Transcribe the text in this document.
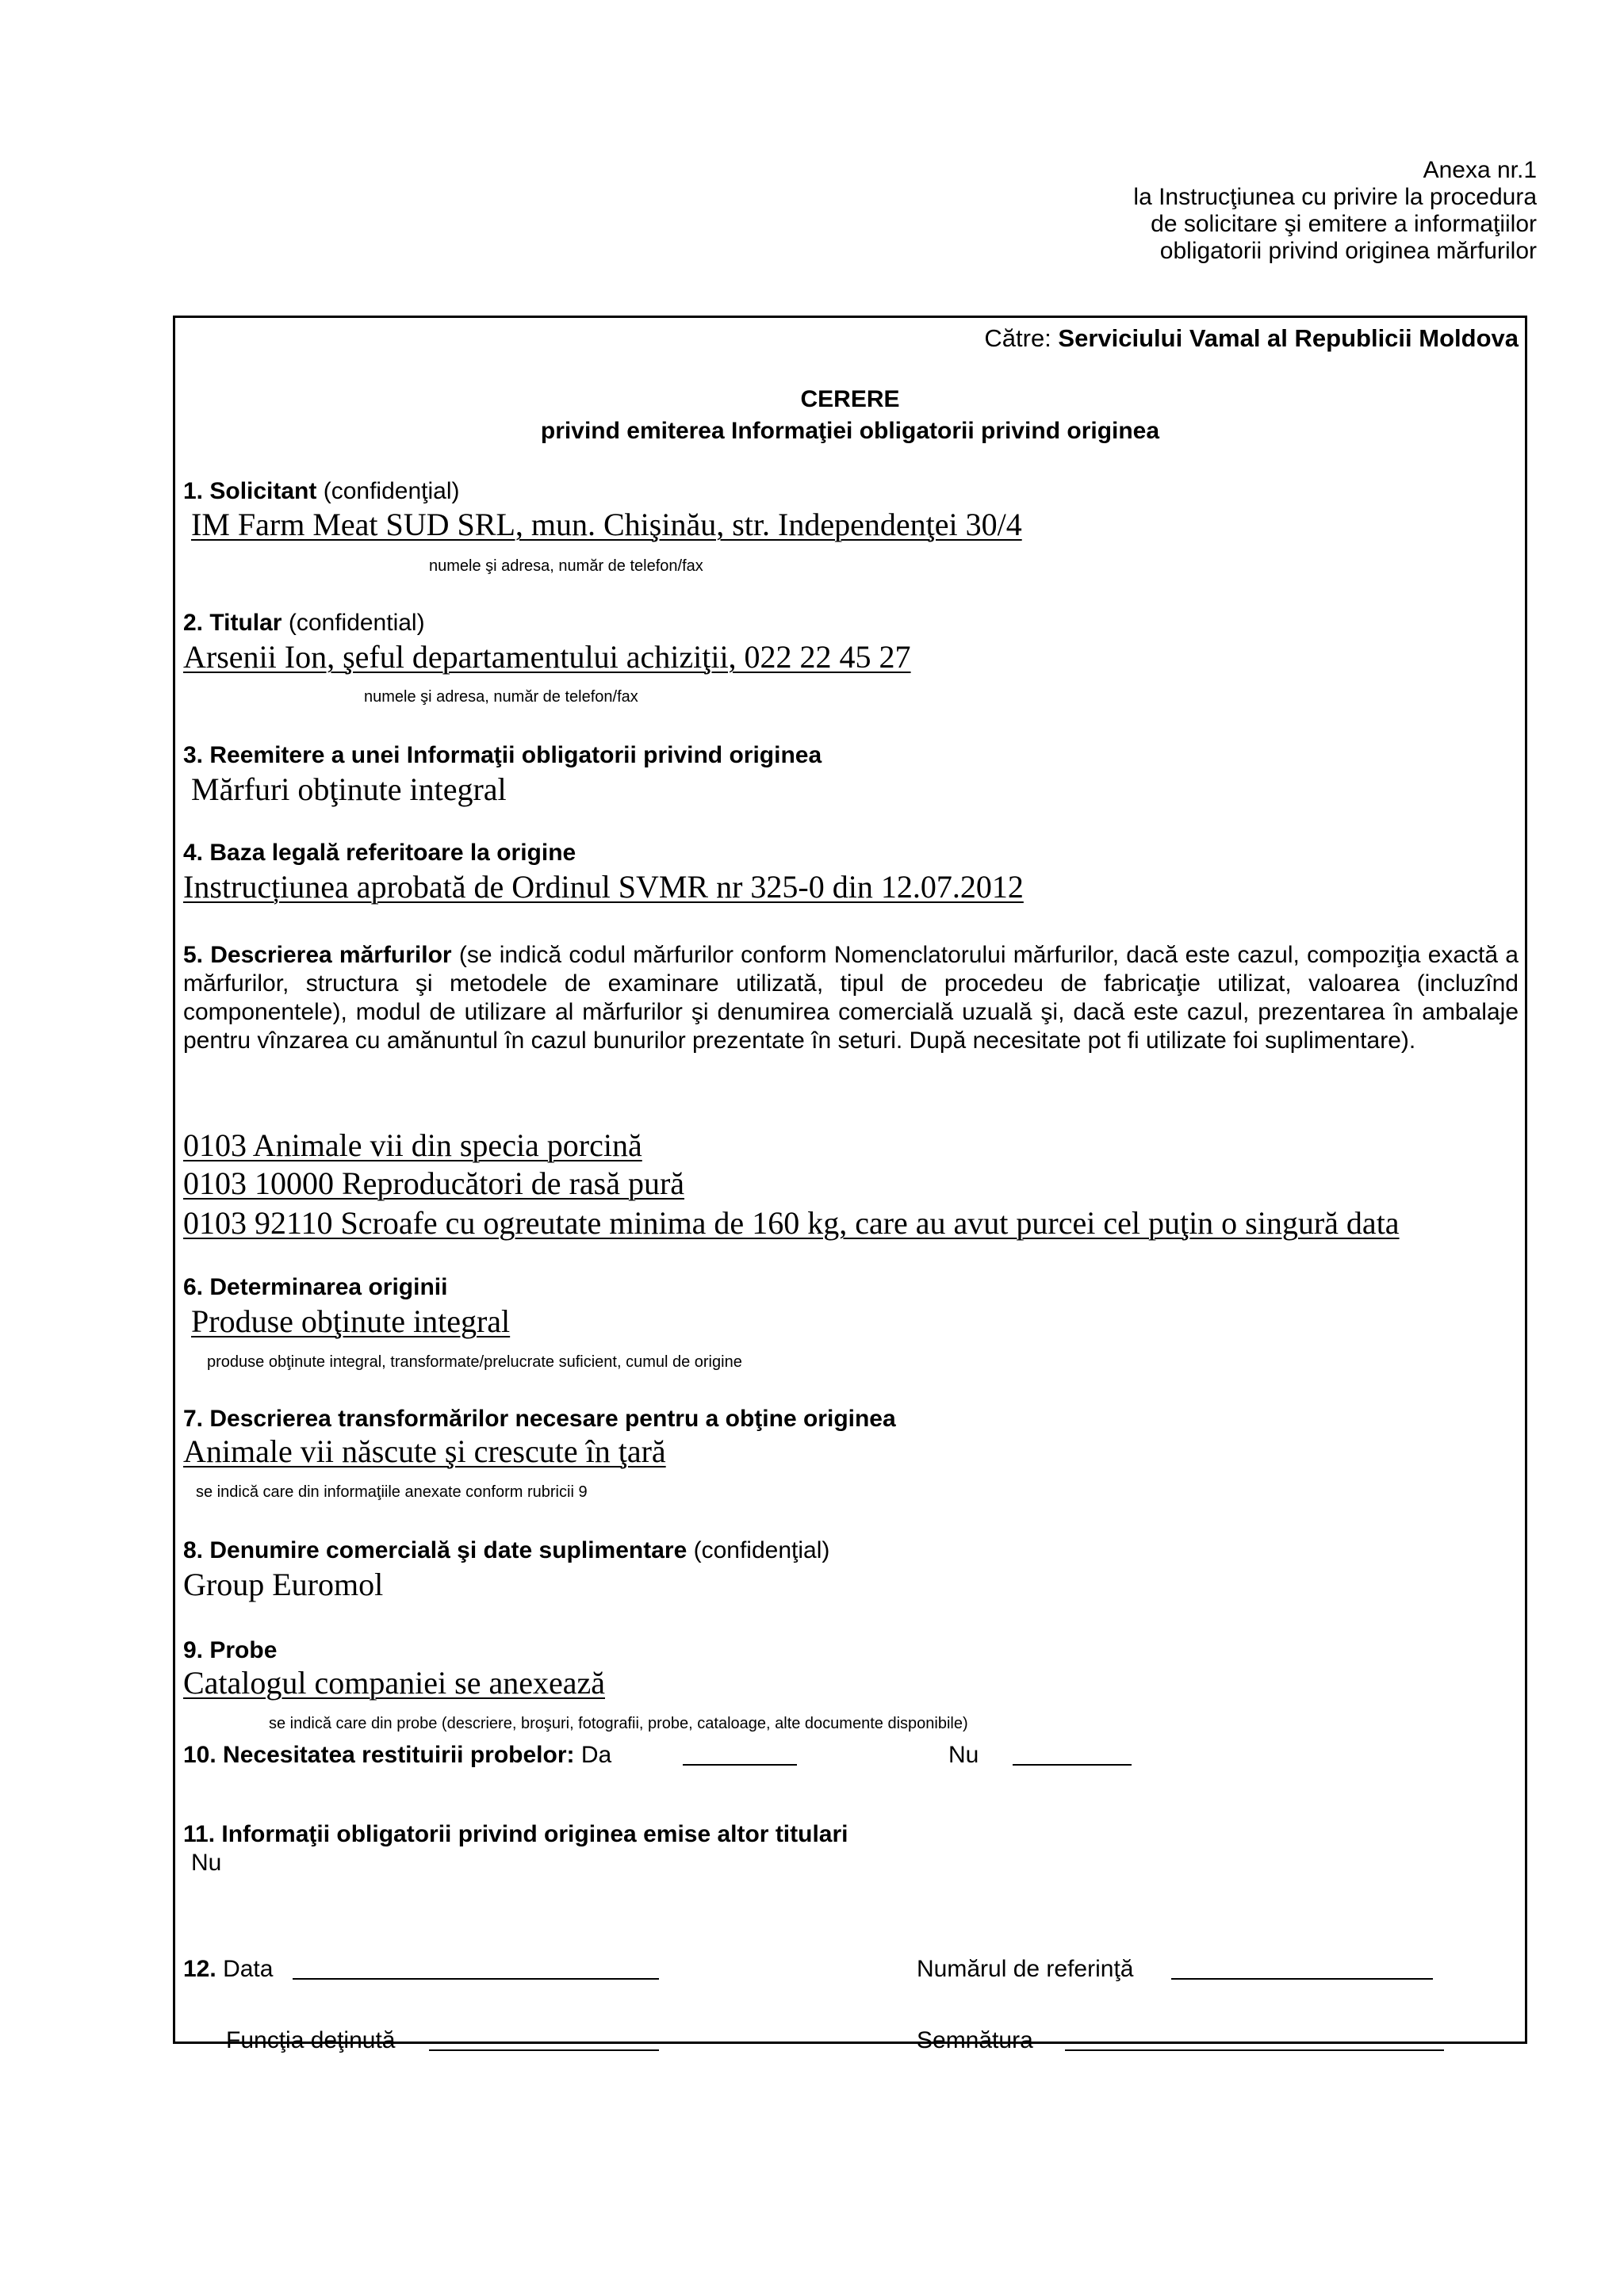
Anexa nr.1
la Instrucţiunea cu privire la procedura
de solicitare şi emitere a informaţiilor
obligatorii privind originea mărfurilor
Către: Serviciului Vamal al Republicii Moldova
CERERE
privind emiterea Informaţiei obligatorii privind originea
1. Solicitant (confidenţial)
IM Farm Meat SUD SRL, mun. Chişinău, str. Independenţei 30/4
numele şi adresa, număr de telefon/fax
2. Titular (confidential)
Arsenii Ion, şeful departamentului achiziţii, 022 22 45 27
numele şi adresa, număr de telefon/fax
3. Reemitere a unei Informaţii obligatorii privind originea
Mărfuri obţinute integral
4. Baza legală referitoare la origine
Instrucțiunea aprobată de Ordinul SVMR nr 325-0 din 12.07.2012
5. Descrierea mărfurilor (se indică codul mărfurilor conform Nomenclatorului mărfurilor, dacă este cazul, compoziţia exactă a mărfurilor, structura şi metodele de examinare utilizată, tipul de procedeu de fabricaţie utilizat, valoarea (incluzînd componentele), modul de utilizare al mărfurilor şi denumirea comercială uzuală şi, dacă este cazul, prezentarea în ambalaje pentru vînzarea cu amănuntul în cazul bunurilor prezentate în seturi. După necesitate pot fi utilizate foi suplimentare).
0103 Animale vii din specia porcină
0103 10000 Reproducători de rasă pură
0103 92110 Scroafe cu ogreutate minima de 160 kg, care au avut purcei cel puţin o singură data
6. Determinarea originii
Produse obţinute integral
produse obţinute integral, transformate/prelucrate suficient, cumul de origine
7. Descrierea transformărilor necesare pentru a obţine originea
Animale vii născute şi crescute în ţară
se indică care din informaţiile anexate conform rubricii 9
8. Denumire comercială şi date suplimentare (confidenţial)
Group Euromol
9. Probe
Catalogul companiei se anexează
se indică care din probe (descriere, broşuri, fotografii, probe, cataloage, alte documente disponibile)
10. Necesitatea restituirii probelor: Da	Nu
11. Informaţii obligatorii privind originea emise altor titulari
Nu
12. Data	Numărul de referinţă
Funcţia deţinută	Semnătura
